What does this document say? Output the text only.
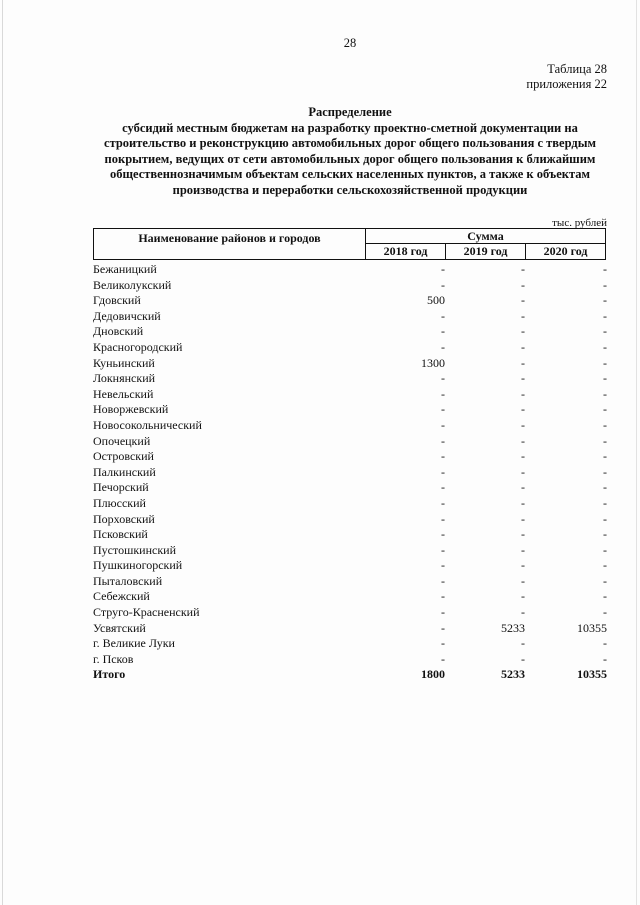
28
Таблица 28
приложения 22
Распределение
субсидий местным бюджетам на разработку проектно-сметной документации на
строительство и реконструкцию автомобильных дорог общего пользования с твердым
покрытием, ведущих от сети автомобильных дорог общего пользования к ближайшим
общественнозначимым объектам сельских населенных пунктов, а также к объектам
производства и переработки сельскохозяйственной продукции
тыс. рублей
Наименование районов и городов	Сумма
2018 год	2019 год	2020 год
Бежаницкий	-	-	-
Великолукский	-	-	-
Гдовский	500	-	-
Дедовичский	-	-	-
Дновский	-	-	-
Красногородский	-	-	-
Куньинский	1300	-	-
Локнянский	-	-	-
Невельский	-	-	-
Новоржевский	-	-	-
Новосокольнический	-	-	-
Опочецкий	-	-	-
Островский	-	-	-
Палкинский	-	-	-
Печорский	-	-	-
Плюсский	-	-	-
Порховский	-	-	-
Псковский	-	-	-
Пустошкинский	-	-	-
Пушкиногорский	-	-	-
Пыталовский	-	-	-
Себежский	-	-	-
Струго-Красненский	-	-	-
Усвятский	-	5233	10355
г. Великие Луки	-	-	-
г. Псков	-	-	-
Итого	1800	5233	10355
